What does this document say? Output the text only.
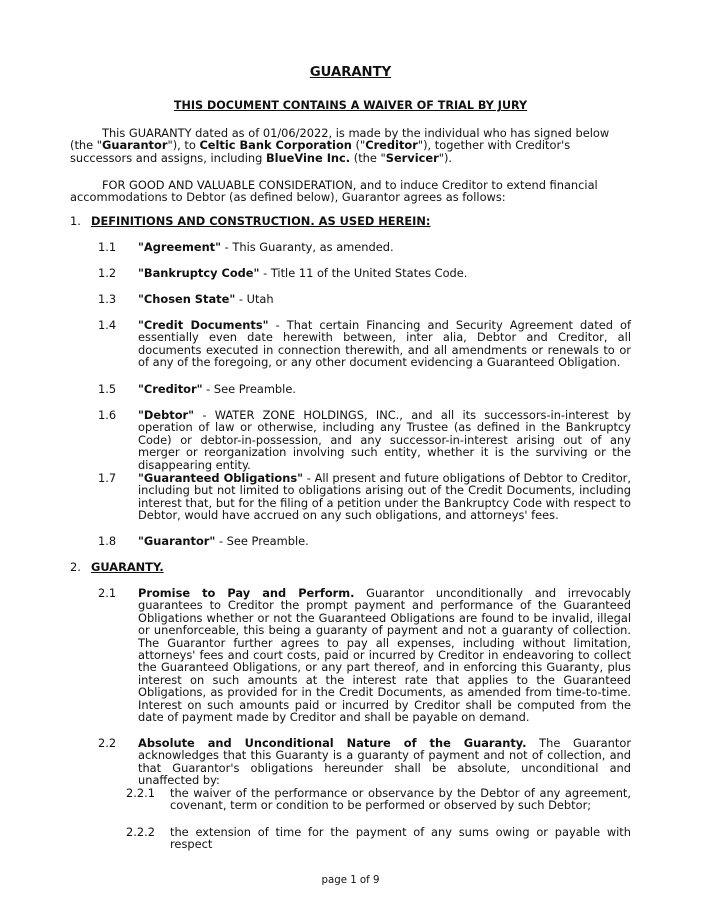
GUARANTY
THIS DOCUMENT CONTAINS A WAIVER OF TRIAL BY JURY

This GUARANTY dated as of 01/06/2022, is made by the individual who has signed below (the "Guarantor"), to Celtic Bank Corporation ("Creditor"), together with Creditor's successors and assigns, including BlueVine Inc. (the "Servicer").

FOR GOOD AND VALUABLE CONSIDERATION, and to induce Creditor to extend financial accommodations to Debtor (as defined below), Guarantor agrees as follows:

1. DEFINITIONS AND CONSTRUCTION. AS USED HEREIN:
1.1 "Agreement" - This Guaranty, as amended.
1.2 "Bankruptcy Code" - Title 11 of the United States Code.
1.3 "Chosen State" - Utah
1.4 "Credit Documents" - That certain Financing and Security Agreement dated of essentially even date herewith between, inter alia, Debtor and Creditor, all documents executed in connection therewith, and all amendments or renewals to or of any of the foregoing, or any other document evidencing a Guaranteed Obligation.
1.5 "Creditor" - See Preamble.
1.6 "Debtor" - WATER ZONE HOLDINGS, INC., and all its successors-in-interest by operation of law or otherwise, including any Trustee (as defined in the Bankruptcy Code) or debtor-in-possession, and any successor-in-interest arising out of any merger or reorganization involving such entity, whether it is the surviving or the disappearing entity.
1.7 "Guaranteed Obligations" - All present and future obligations of Debtor to Creditor, including but not limited to obligations arising out of the Credit Documents, including interest that, but for the filing of a petition under the Bankruptcy Code with respect to Debtor, would have accrued on any such obligations, and attorneys' fees.
1.8 "Guarantor" - See Preamble.
2. GUARANTY.
2.1 Promise to Pay and Perform. Guarantor unconditionally and irrevocably guarantees to Creditor the prompt payment and performance of the Guaranteed Obligations whether or not the Guaranteed Obligations are found to be invalid, illegal or unenforceable, this being a guaranty of payment and not a guaranty of collection. The Guarantor further agrees to pay all expenses, including without limitation, attorneys' fees and court costs, paid or incurred by Creditor in endeavoring to collect the Guaranteed Obligations, or any part thereof, and in enforcing this Guaranty, plus interest on such amounts at the interest rate that applies to the Guaranteed Obligations, as provided for in the Credit Documents, as amended from time-to-time. Interest on such amounts paid or incurred by Creditor shall be computed from the date of payment made by Creditor and shall be payable on demand.
2.2 Absolute and Unconditional Nature of the Guaranty. The Guarantor acknowledges that this Guaranty is a guaranty of payment and not of collection, and that Guarantor's obligations hereunder shall be absolute, unconditional and unaffected by:
2.2.1 the waiver of the performance or observance by the Debtor of any agreement, covenant, term or condition to be performed or observed by such Debtor;
2.2.2 the extension of time for the payment of any sums owing or payable with respect
page 1 of 9
